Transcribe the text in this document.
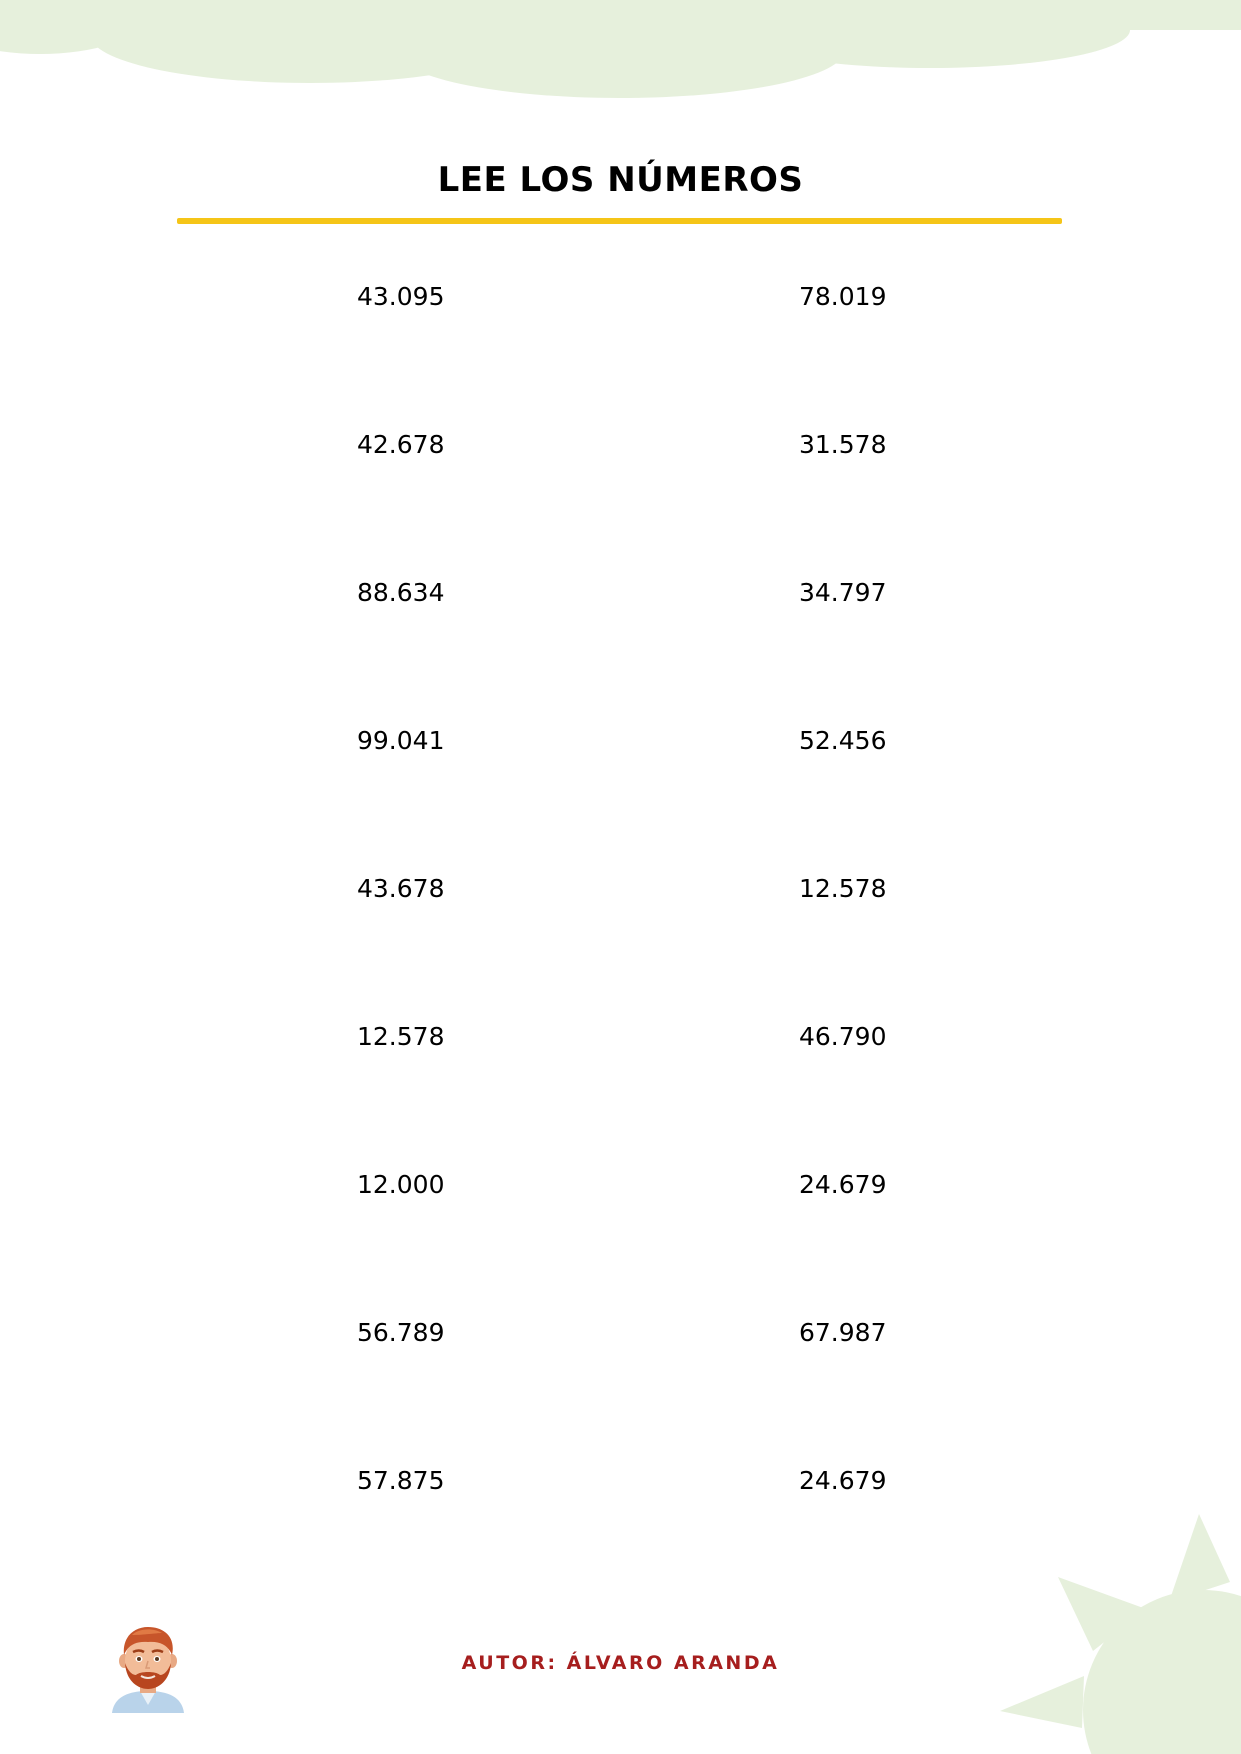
LEE LOS NÚMEROS
43.095	78.019
42.678	31.578
88.634	34.797
99.041	52.456
43.678	12.578
12.578	46.790
12.000	24.679
56.789	67.987
57.875	24.679
AUTOR: ÁLVARO ARANDA
